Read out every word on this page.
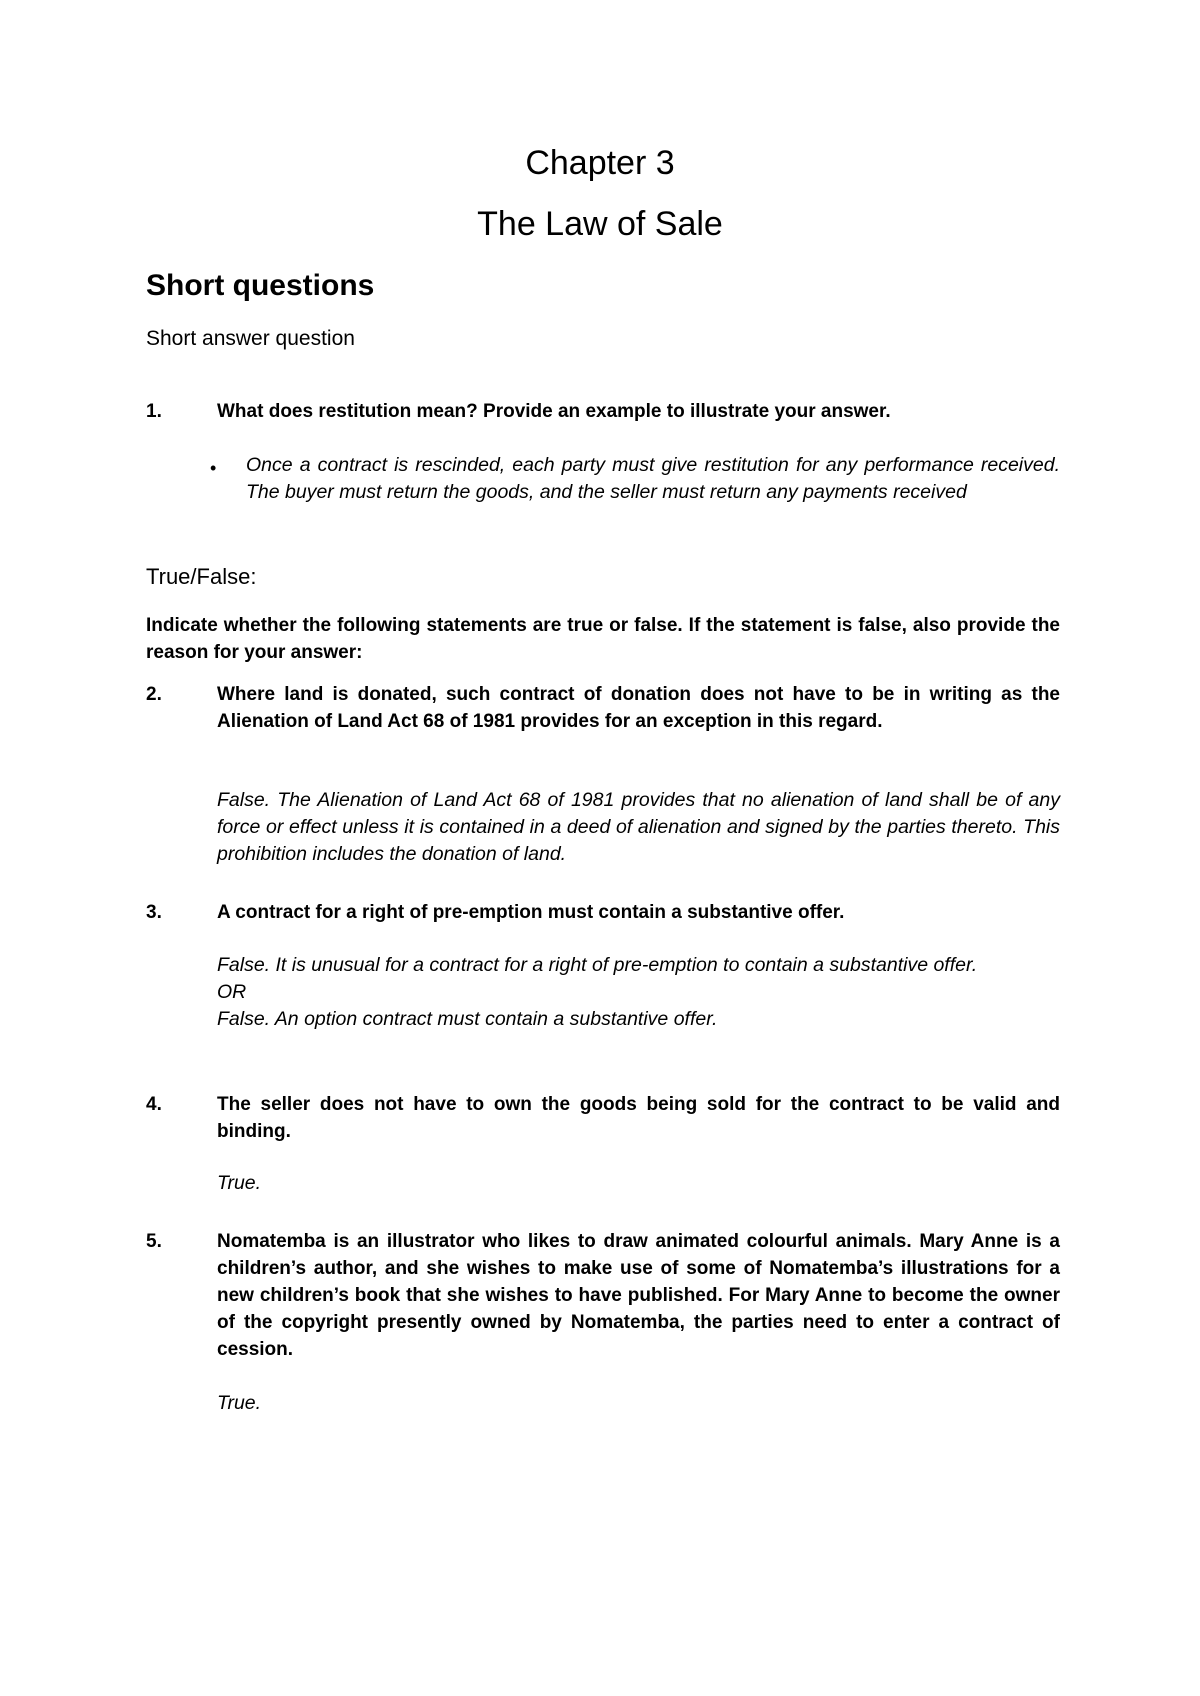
Chapter 3
The Law of Sale
Short questions
Short answer question
1.	What does restitution mean? Provide an example to illustrate your answer.
• Once a contract is rescinded, each party must give restitution for any performance received. The buyer must return the goods, and the seller must return any payments received
True/False:
Indicate whether the following statements are true or false. If the statement is false, also provide the reason for your answer:
2.	Where land is donated, such contract of donation does not have to be in writing as the Alienation of Land Act 68 of 1981 provides for an exception in this regard.
False. The Alienation of Land Act 68 of 1981 provides that no alienation of land shall be of any force or effect unless it is contained in a deed of alienation and signed by the parties thereto. This prohibition includes the donation of land.
3.	A contract for a right of pre-emption must contain a substantive offer.
False. It is unusual for a contract for a right of pre-emption to contain a substantive offer.
OR
False. An option contract must contain a substantive offer.
4.	The seller does not have to own the goods being sold for the contract to be valid and binding.
True.
5.	Nomatemba is an illustrator who likes to draw animated colourful animals. Mary Anne is a children’s author, and she wishes to make use of some of Nomatemba’s illustrations for a new children’s book that she wishes to have published. For Mary Anne to become the owner of the copyright presently owned by Nomatemba, the parties need to enter a contract of cession.
True.
